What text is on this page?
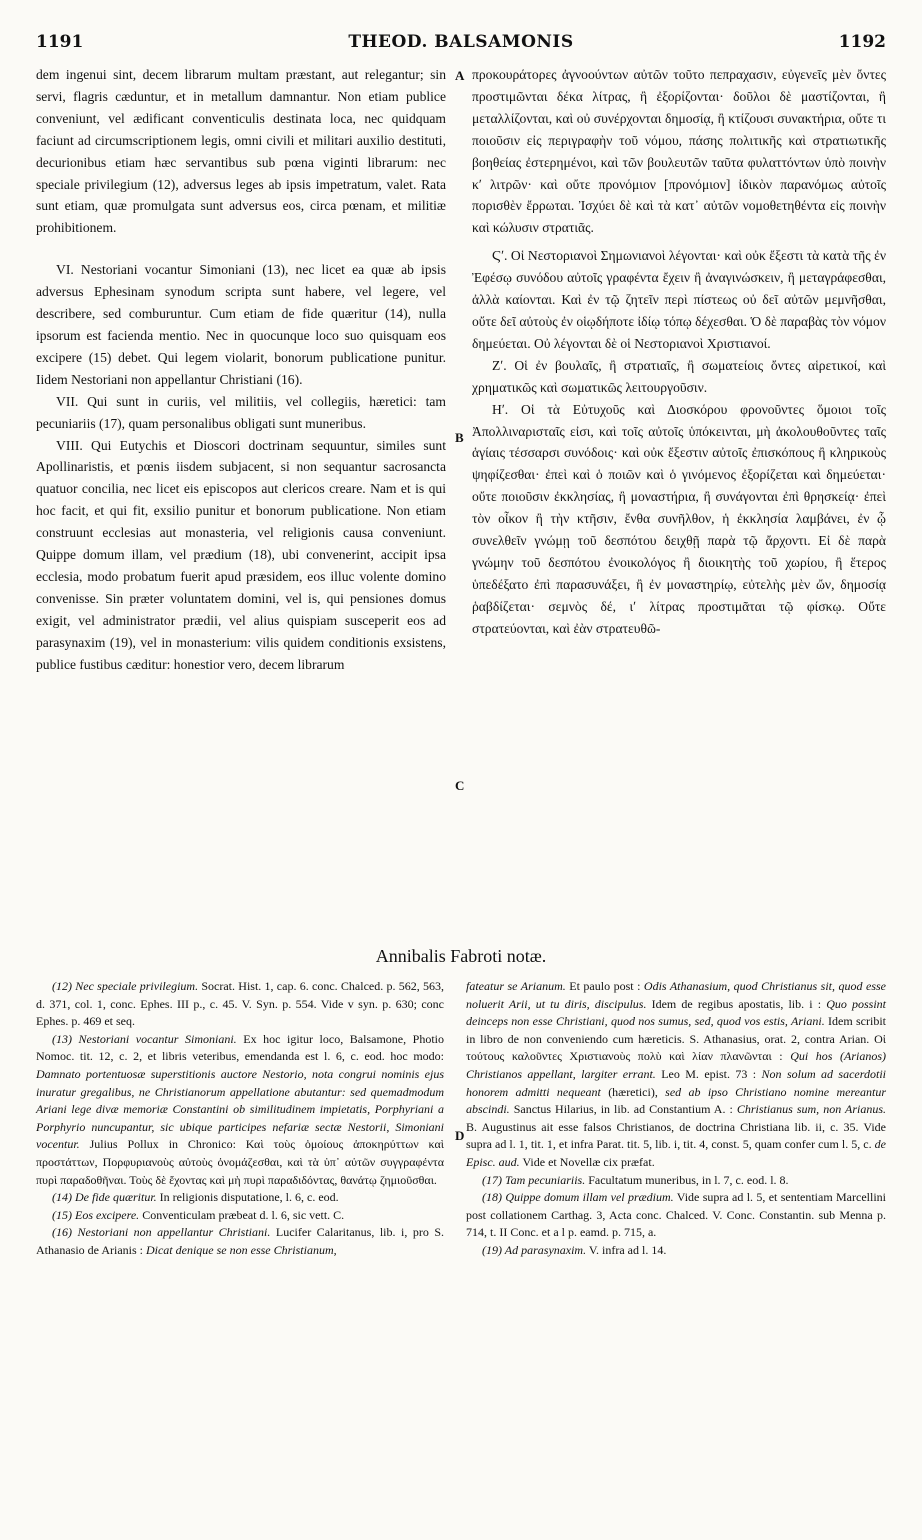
1191	THEOD. BALSAMONIS	1192
A
B
C
D

dem ingenui sint, decem librarum multam præstant, aut relegantur; sin servi, flagris cæduntur, et in metallum damnantur. Non etiam publice conveniunt, vel ædificant conventiculis destinata loca, nec quidquam faciunt ad circumscriptionem legis, omni civili et militari auxilio destituti, decurionibus etiam hæc servantibus sub pœna viginti librarum: nec speciale privilegium (12), adversus leges ab ipsis impetratum, valet. Rata sunt etiam, quæ promulgata sunt adversus eos, circa pœnam, et militiæ prohibitionem.

VI. Nestoriani vocantur Simoniani (13), nec licet ea quæ ab ipsis adversus Ephesinam synodum scripta sunt habere, vel legere, vel describere, sed comburuntur. Cum etiam de fide quæritur (14), nulla ipsorum est facienda mentio. Nec in quocunque loco suo quisquam eos excipere (15) debet. Qui legem violarit, bonorum publicatione punitur. Iidem Nestoriani non appellantur Christiani (16).

VII. Qui sunt in curiis, vel militiis, vel collegiis, hæretici: tam pecuniariis (17), quam personalibus obligati sunt muneribus.

VIII. Qui Eutychis et Dioscori doctrinam sequuntur, similes sunt Apollinaristis, et pœnis iisdem subjacent, si non sequantur sacrosancta quatuor concilia, nec licet eis episcopos aut clericos creare. Nam et is qui hoc facit, et qui fit, exsilio punitur et bonorum publicatione. Non etiam construunt ecclesias aut monasteria, vel religionis causa conveniunt. Quippe domum illam, vel prædium (18), ubi convenerint, accipit ipsa ecclesia, modo probatum fuerit apud præsidem, eos illuc volente domino convenisse. Sin præter voluntatem domini, vel is, qui pensiones domus exigit, vel administrator prædii, vel alius quispiam susceperit eos ad parasynaxim (19), vel in monasterium: vilis quidem conditionis exsistens, publice fustibus cæditur: honestior vero, decem librarum

προκουράτορες ἀγνοούντων αὐτῶν τοῦτο πεπραχασιν, εὐγενεῖς μὲν ὄντες προστιμῶνται δέκα λίτρας, ἢ ἐξορίζονται· δοῦλοι δὲ μαστίζονται, ἢ μεταλλίζονται, καὶ οὐ συνέρχονται δημοσίᾳ, ἢ κτίζουσι συνακτήρια, οὔτε τι ποιοῦσιν εἰς περιγραφὴν τοῦ νόμου, πάσης πολιτικῆς καὶ στρατιωτικῆς βοηθείας ἐστερημένοι, καὶ τῶν βουλευτῶν ταῦτα φυλαττόντων ὑπὸ ποινὴν κʹ λιτρῶν· καὶ οὔτε προνόμιον [προνόμιον] ἰδικὸν παρανόμως αὐτοῖς πορισθὲν ἔρρωται. Ἰσχύει δὲ καὶ τὰ κατ᾽ αὐτῶν νομοθετηθέντα εἰς ποινὴν καὶ κώλυσιν στρατιᾶς.

Ϛʹ. Οἱ Νεστοριανοὶ Σημωνιανοὶ λέγονται· καὶ οὐκ ἔξεστι τὰ κατὰ τῆς ἐν Ἐφέσῳ συνόδου αὐτοῖς γραφέντα ἔχειν ἢ ἀναγινώσκειν, ἢ μεταγράφεσθαι, ἀλλὰ καίονται. Καὶ ἐν τῷ ζητεῖν περὶ πίστεως οὐ δεῖ αὐτῶν μεμνῆσθαι, οὔτε δεῖ αὐτοὺς ἐν οἱῳδήποτε ἰδίῳ τόπῳ δέχεσθαι. Ὁ δὲ παραβὰς τὸν νόμον δημεύεται. Οὐ λέγονται δὲ οἱ Νεστοριανοὶ Χριστιανοί.

Ζʹ. Οἱ ἐν βουλαῖς, ἢ στρατιαῖς, ἢ σωματείοις ὄντες αἱρετικοί, καὶ χρηματικῶς καὶ σωματικῶς λειτουργοῦσιν.

Ηʹ. Οἱ τὰ Εὐτυχοῦς καὶ Διοσκόρου φρονοῦντες ὅμοιοι τοῖς Ἀπολλιναρισταῖς εἰσι, καὶ τοῖς αὐτοῖς ὑπόκεινται, μὴ ἀκολουθοῦντες ταῖς ἁγίαις τέσσαρσι συνόδοις· καὶ οὐκ ἔξεστιν αὐτοῖς ἐπισκόπους ἢ κληρικοὺς ψηφίζεσθαι· ἐπεὶ καὶ ὁ ποιῶν καὶ ὁ γινόμενος ἐξορίζεται καὶ δημεύεται· οὔτε ποιοῦσιν ἐκκλησίας, ἢ μοναστήρια, ἢ συνάγονται ἐπὶ θρησκείᾳ· ἐπεὶ τὸν οἶκον ἢ τὴν κτῆσιν, ἔνθα συνῆλθον, ἡ ἐκκλησία λαμβάνει, ἐν ᾧ συνελθεῖν γνώμῃ τοῦ δεσπότου δειχθῇ παρὰ τῷ ἄρχοντι. Εἰ δὲ παρὰ γνώμην τοῦ δεσπότου ἐνοικολόγος ἢ διοικητὴς τοῦ χωρίου, ἢ ἕτερος ὑπεδέξατο ἐπὶ παρασυνάξει, ἢ ἐν μοναστηρίῳ, εὐτελὴς μὲν ὤν, δημοσίᾳ ῥαβδίζεται· σεμνὸς δέ, ιʹ λίτρας προστιμᾶται τῷ φίσκῳ. Οὔτε στρατεύονται, καὶ ἐὰν στρατευθῶ-

Annibalis Fabroti notæ.

(12) Nec speciale privilegium. Socrat. Hist. 1, cap. 6. conc. Chalced. p. 562, 563, d. 371, col. 1, conc. Ephes. III p., c. 45. V. Syn. p. 554. Vide v syn. p. 630; conc Ephes. p. 469 et seq.

(13) Nestoriani vocantur Simoniani. Ex hoc igitur loco, Balsamone, Photio Nomoc. tit. 12, c. 2, et libris veteribus, emendanda est l. 6, c. eod. hoc modo: Damnato portentuosæ superstitionis auctore Nestorio, nota congrui nominis ejus inuratur gregalibus, ne Christianorum appellatione abutantur: sed quemadmodum Ariani lege divæ memoriæ Constantini ob similitudinem impietatis, Porphyriani a Porphyrio nuncupantur, sic ubique participes nefariæ sectæ Nestorii, Simoniani vocentur. Julius Pollux in Chronico: Καὶ τοὺς ὁμοίους ἀποκηρύττων καὶ προστάττων, Πορφυριανοὺς αὐτοὺς ὀνομάζεσθαι, καὶ τὰ ὑπ᾽ αὐτῶν συγγραφέντα πυρὶ παραδοθῆναι. Τοὺς δὲ ἔχοντας καὶ μὴ πυρὶ παραδιδόντας, θανάτῳ ζημιοῦσθαι.

(14) De fide quæritur. In religionis disputatione, l. 6, c. eod.

(15) Eos excipere. Conventiculam præbeat d. l. 6, sic vett. C.

(16) Nestoriani non appellantur Christiani. Lucifer Calaritanus, lib. i, pro S. Athanasio de Arianis : Dicat denique se non esse Christianum,

fateatur se Arianum. Et paulo post : Odis Athanasium, quod Christianus sit, quod esse noluerit Arii, ut tu diris, discipulus. Idem de regibus apostatis, lib. i : Quo possint deinceps non esse Christiani, quod nos sumus, sed, quod vos estis, Ariani. Idem scribit in libro de non conveniendo cum hæreticis. S. Athanasius, orat. 2, contra Arian. Οἱ τούτους καλοῦντες Χριστιανοὺς πολὺ καὶ λίαν πλανῶνται : Qui hos (Arianos) Christianos appellant, largiter errant. Leo M. epist. 73 : Non solum ad sacerdotii honorem admitti nequeant (hæretici), sed ab ipso Christiano nomine mereantur abscindi. Sanctus Hilarius, in lib. ad Constantium A. : Christianus sum, non Arianus. B. Augustinus ait esse falsos Christianos, de doctrina Christiana lib. ii, c. 35. Vide supra ad l. 1, tit. 1, et infra Parat. tit. 5, lib. i, tit. 4, const. 5, quam confer cum l. 5, c. de Episc. aud. Vide et Novellæ cix præfat.

(17) Tam pecuniariis. Facultatum muneribus, in l. 7, c. eod. l. 8.

(18) Quippe domum illam vel prædium. Vide supra ad l. 5, et sententiam Marcellini post collationem Carthag. 3, Acta conc. Chalced. V. Conc. Constantin. sub Menna p. 714, t. II Conc. et a l p. eamd. p. 715, a.

(19) Ad parasynaxim. V. infra ad l. 14.
